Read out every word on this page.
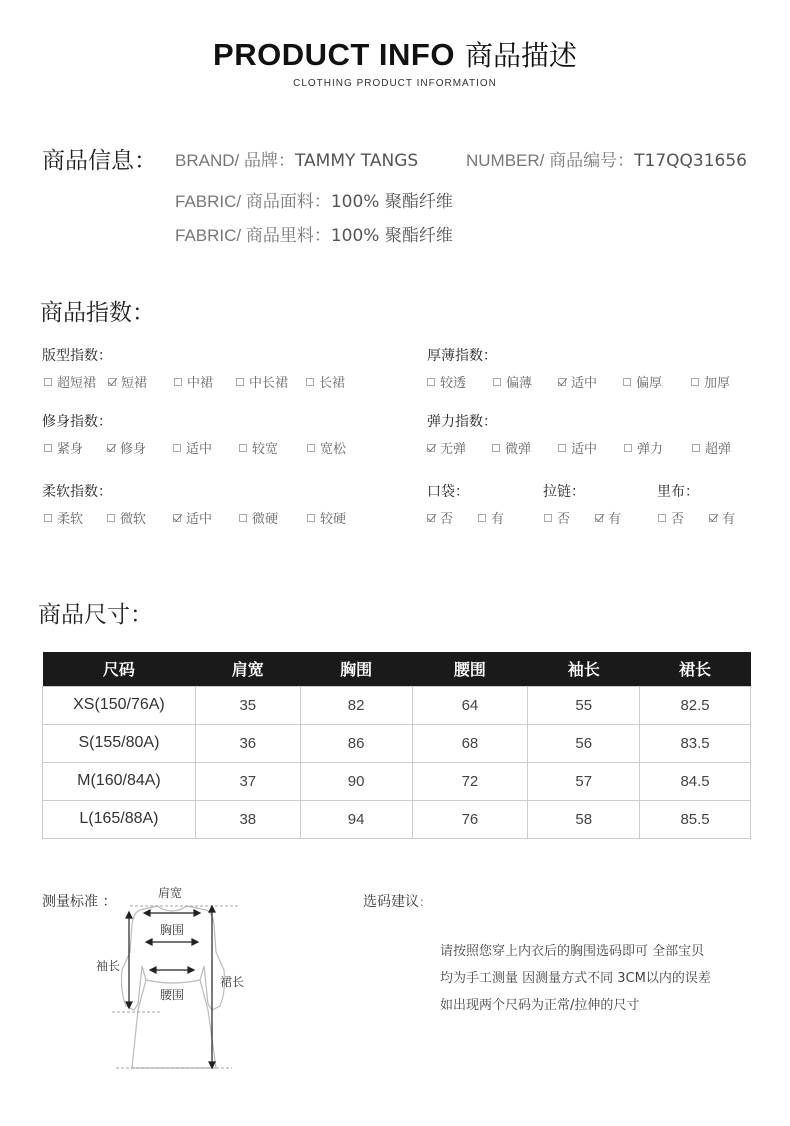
PRODUCT INFO 商品描述
CLOTHING PRODUCT INFORMATION
商品信息： BRAND/ 品牌：TAMMY TANGS	NUMBER/ 商品编号：T17QQ31656
FABRIC/ 商品面料：100% 聚酯纤维
FABRIC/ 商品里料：100% 聚酯纤维
商品指数：
版型指数：
超短裙 短裙	中裙	中长裙 长裙
厚薄指数：
较透	偏薄	适中	偏厚	加厚
修身指数：
紧身	修身	适中	较宽	宽松
弹力指数：
无弹	微弹	适中	弹力	超弹
柔软指数：
柔软	微软	适中	微硬	较硬
口袋：
否	有
拉链：
否	有
里布：
否	有
商品尺寸：
尺码	肩宽	胸围	腰围	袖长	裙长
XS(150/76A)	35	82	64	55	82.5
S(155/80A)	36	86	68	56	83.5
M(160/84A)	37	90	72	57	84.5
L(165/88A)	38	94	76	58	85.5
测量标准 ：
肩宽
胸围
袖长
腰围
裙长
选码建议：
请按照您穿上内衣后的胸围选码即可 全部宝贝
均为手工测量 因测量方式不同 3CM以内的误差
如出现两个尺码为正常/拉伸的尺寸
